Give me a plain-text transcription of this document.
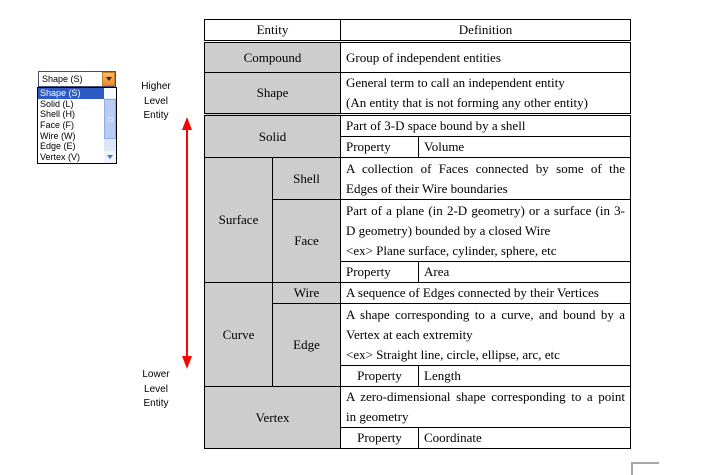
Shape (S)
Shape (S)
Solid (L)
Shell (H)
Face (F)
Wire (W)
Edge (E)
Vertex (V)
Higher
Level
Entity
Lower
Level
Entity
Entity		Definition	
Compound		Group of independent entities	

Shape		General term to call an independent entity
(An entity that is not forming any other entity)	

Solid		Part of 3-D space bound by a shell	

		Property	Volume
Surface	Shell	A collection of Faces connected by some of the
Edges of their Wire boundaries	

	Face	Part of a plane (in 2-D geometry) or a surface (in 3-
D geometry) bounded by a closed Wire
<ex> Plane surface, cylinder, sphere, etc	

		Property	Area
Curve	Wire	A sequence of Edges connected by their Vertices	

	Edge	A shape corresponding to a curve, and bound by a
Vertex at each extremity
<ex> Straight line, circle, ellipse, arc, etc	

		Property	Length
Vertex		A zero-dimensional shape corresponding to a point
in geometry	

		Property	Coordinate
